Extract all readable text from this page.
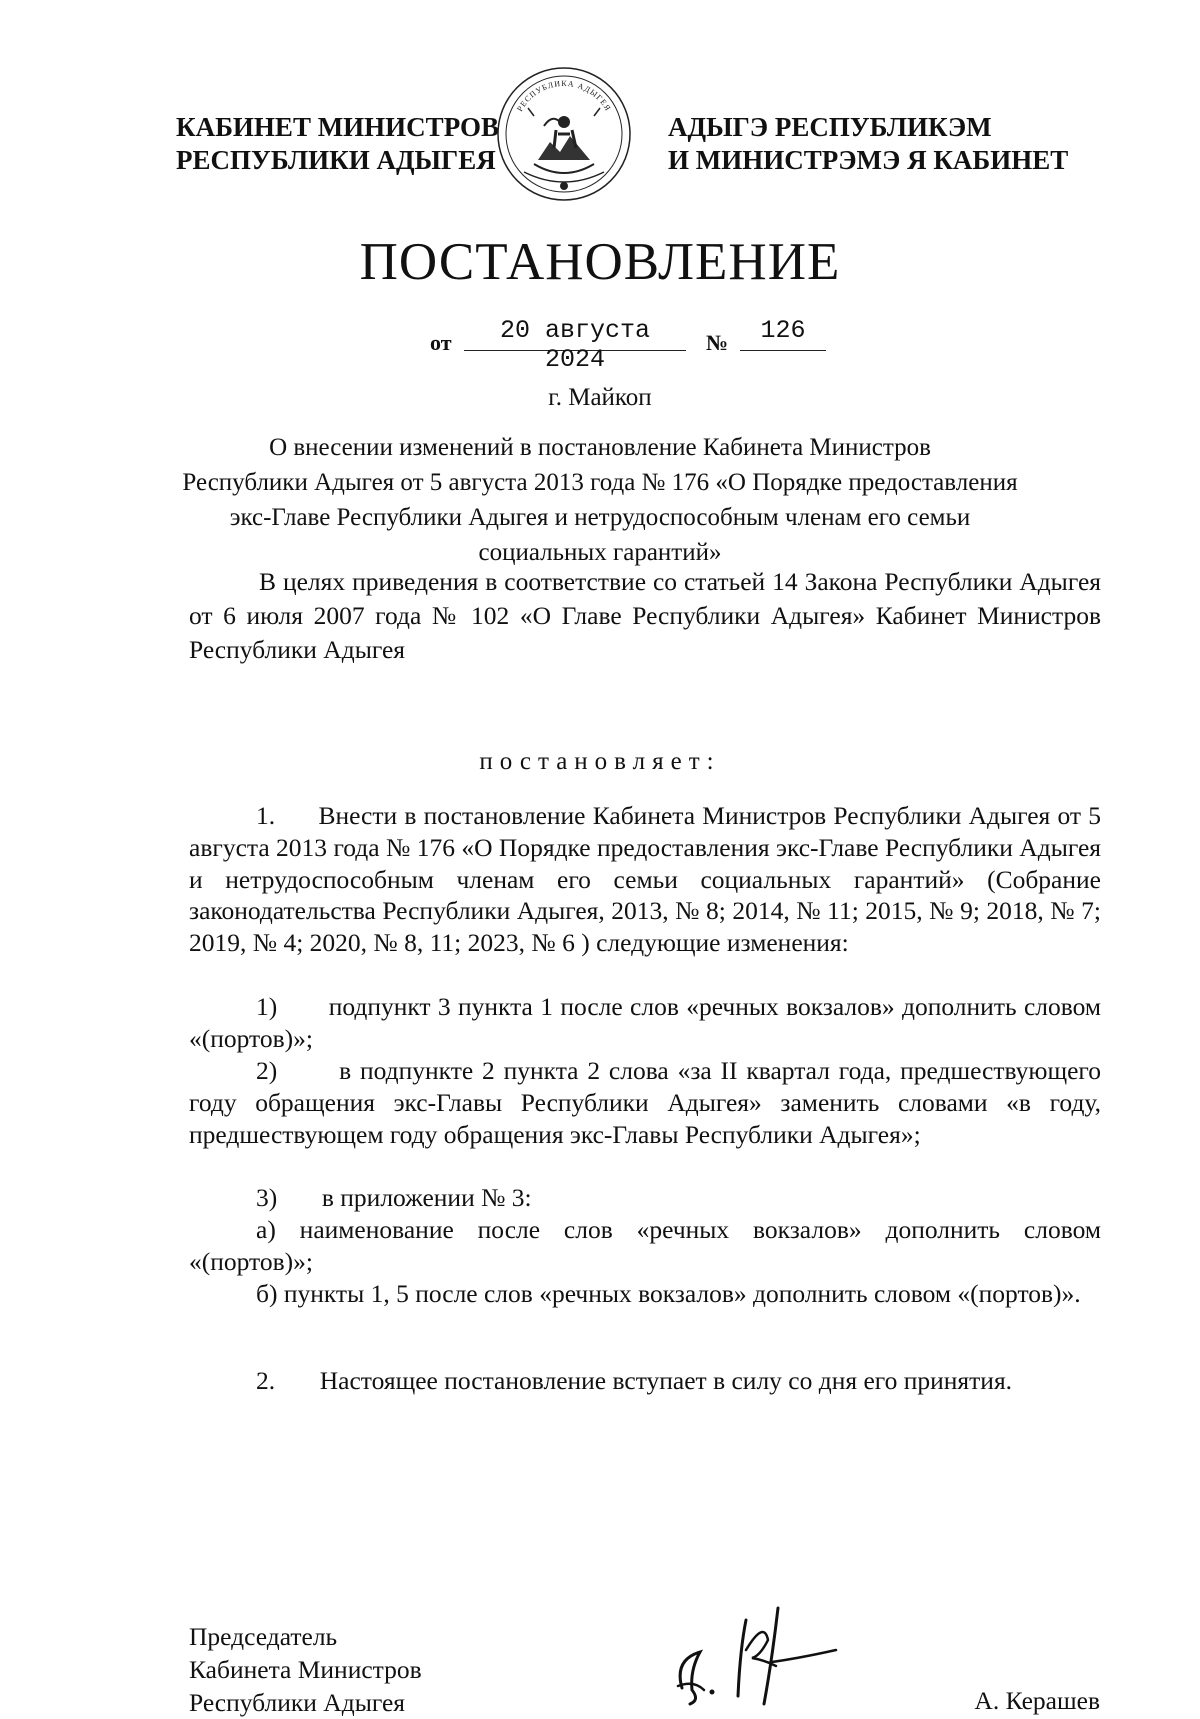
КАБИНЕТ МИНИСТРОВ
РЕСПУБЛИКИ АДЫГЕЯ
АДЫГЭ РЕСПУБЛИКЭМ
И МИНИСТРЭМЭ Я КАБИНЕТ
РЕСПУБЛИКА АДЫГЕЯ
ПОСТАНОВЛЕНИЕ
от	20 августа 2024
№	126
г. Майкоп
О внесении изменений в постановление Кабинета Министров
Республики Адыгея от 5 августа 2013 года № 176 «О Порядке предоставления
экс-Главе Республики Адыгея и нетрудоспособным членам его семьи
социальных гарантий»
В целях приведения в соответствие со статьей 14 Закона Республики Адыгея от 6 июля 2007 года № 102 «О Главе Республики Адыгея» Кабинет Министров Республики Адыгея
постановляет:
1. Внести в постановление Кабинета Министров Республики Адыгея от 5 августа 2013 года № 176 «О Порядке предоставления экс-Главе Республики Адыгея и нетрудоспособным членам его семьи социальных гарантий» (Собрание законодательства Республики Адыгея, 2013, № 8; 2014, № 11; 2015, № 9; 2018, № 7; 2019, № 4; 2020, № 8, 11; 2023, № 6 ) следующие изменения:
1) подпункт 3 пункта 1 после слов «речных вокзалов» дополнить словом «(портов)»;
2) в подпункте 2 пункта 2 слова «за II квартал года, предшествующего году обращения экс-Главы Республики Адыгея» заменить словами «в году, предшествующем году обращения экс-Главы Республики Адыгея»;
3) в приложении № 3:
а) наименование после слов «речных вокзалов» дополнить словом «(портов)»;
б) пункты 1, 5 после слов «речных вокзалов» дополнить словом «(портов)».
2. Настоящее постановление вступает в силу со дня его принятия.
Председатель
Кабинета Министров
Республики Адыгея	А. Керашев
